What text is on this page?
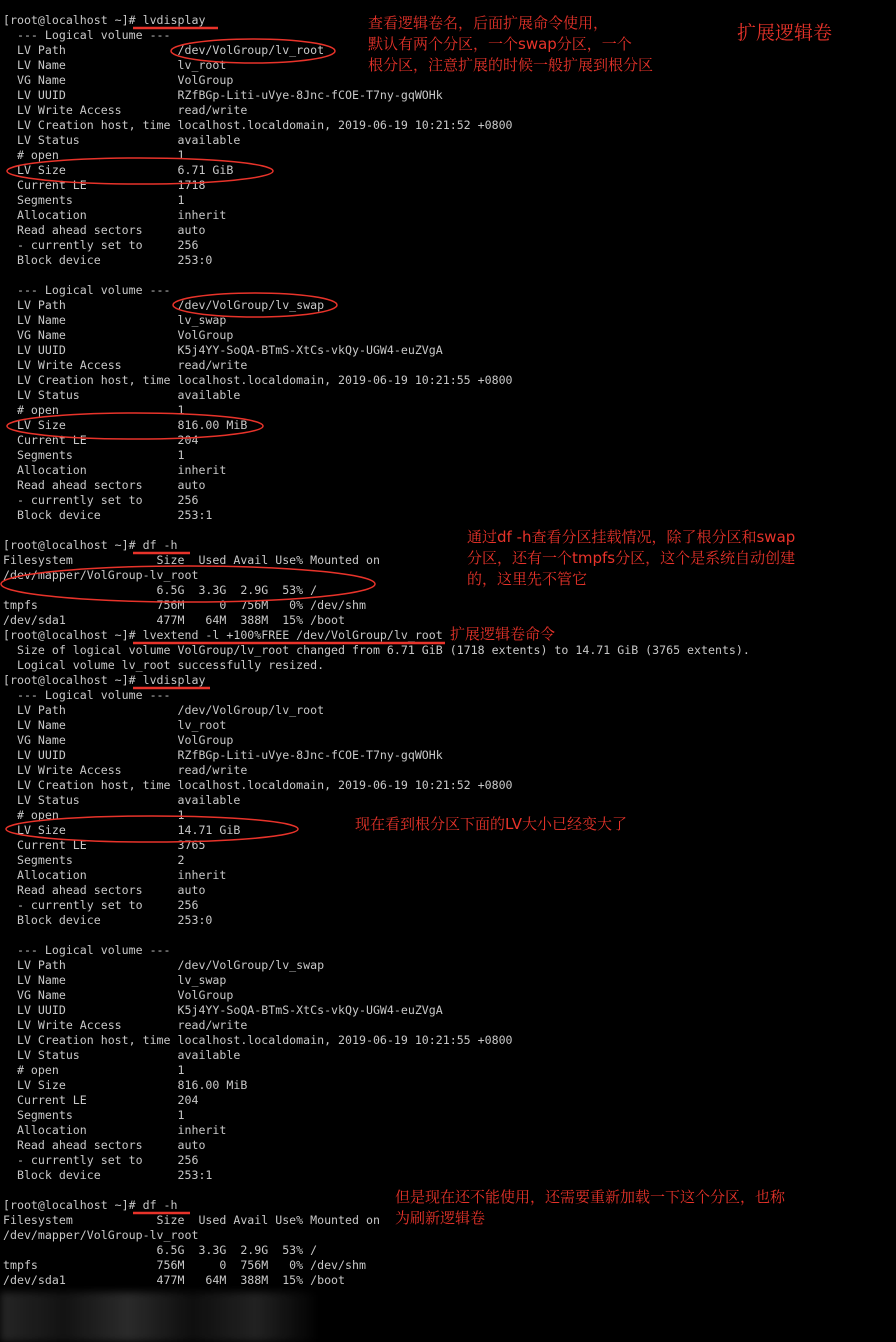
[root@localhost ~]# lvdisplay
--- Logical volume ---
LV Path                /dev/VolGroup/lv_root
LV Name                lv_root
VG Name                VolGroup
LV UUID                RZfBGp-Liti-uVye-8Jnc-fCOE-T7ny-gqWOHk
LV Write Access        read/write
LV Creation host, time localhost.localdomain, 2019-06-19 10:21:52 +0800
LV Status              available
# open                 1
LV Size                6.71 GiB
Current LE             1718
Segments               1
Allocation             inherit
Read ahead sectors     auto
- currently set to     256
Block device           253:0
--- Logical volume ---
LV Path                /dev/VolGroup/lv_swap
LV Name                lv_swap
VG Name                VolGroup
LV UUID                K5j4YY-SoQA-BTmS-XtCs-vkQy-UGW4-euZVgA
LV Write Access        read/write
LV Creation host, time localhost.localdomain, 2019-06-19 10:21:55 +0800
LV Status              available
# open                 1
LV Size                816.00 MiB
Current LE             204
Segments               1
Allocation             inherit
Read ahead sectors     auto
- currently set to     256
Block device           253:1
[root@localhost ~]# df -h
Filesystem            Size  Used Avail Use% Mounted on
/dev/mapper/VolGroup-lv_root
6.5G  3.3G  2.9G  53% /
tmpfs                 756M     0  756M   0% /dev/shm
/dev/sda1             477M   64M  388M  15% /boot
[root@localhost ~]# lvextend -l +100%FREE /dev/VolGroup/lv_root
Size of logical volume VolGroup/lv_root changed from 6.71 GiB (1718 extents) to 14.71 GiB (3765 extents).
Logical volume lv_root successfully resized.
[root@localhost ~]# lvdisplay
--- Logical volume ---
LV Path                /dev/VolGroup/lv_root
LV Name                lv_root
VG Name                VolGroup
LV UUID                RZfBGp-Liti-uVye-8Jnc-fCOE-T7ny-gqWOHk
LV Write Access        read/write
LV Creation host, time localhost.localdomain, 2019-06-19 10:21:52 +0800
LV Status              available
# open                 1
LV Size                14.71 GiB
Current LE             3765
Segments               2
Allocation             inherit
Read ahead sectors     auto
- currently set to     256
Block device           253:0
--- Logical volume ---
LV Path                /dev/VolGroup/lv_swap
LV Name                lv_swap
VG Name                VolGroup
LV UUID                K5j4YY-SoQA-BTmS-XtCs-vkQy-UGW4-euZVgA
LV Write Access        read/write
LV Creation host, time localhost.localdomain, 2019-06-19 10:21:55 +0800
LV Status              available
# open                 1
LV Size                816.00 MiB
Current LE             204
Segments               1
Allocation             inherit
Read ahead sectors     auto
- currently set to     256
Block device           253:1
[root@localhost ~]# df -h
Filesystem            Size  Used Avail Use% Mounted on
/dev/mapper/VolGroup-lv_root
6.5G  3.3G  2.9G  53% /
tmpfs                 756M     0  756M   0% /dev/shm
/dev/sda1             477M   64M  388M  15% /boot
扩展逻辑卷
查看逻辑卷名，后面扩展命令使用，
默认有两个分区，一个swap分区，一个
根分区，注意扩展的时候一般扩展到根分区
通过df -h查看分区挂载情况，除了根分区和swap
分区，还有一个tmpfs分区，这个是系统自动创建
的，这里先不管它
扩展逻辑卷命令
现在看到根分区下面的LV大小已经变大了
但是现在还不能使用，还需要重新加载一下这个分区，也称
为刷新逻辑卷
